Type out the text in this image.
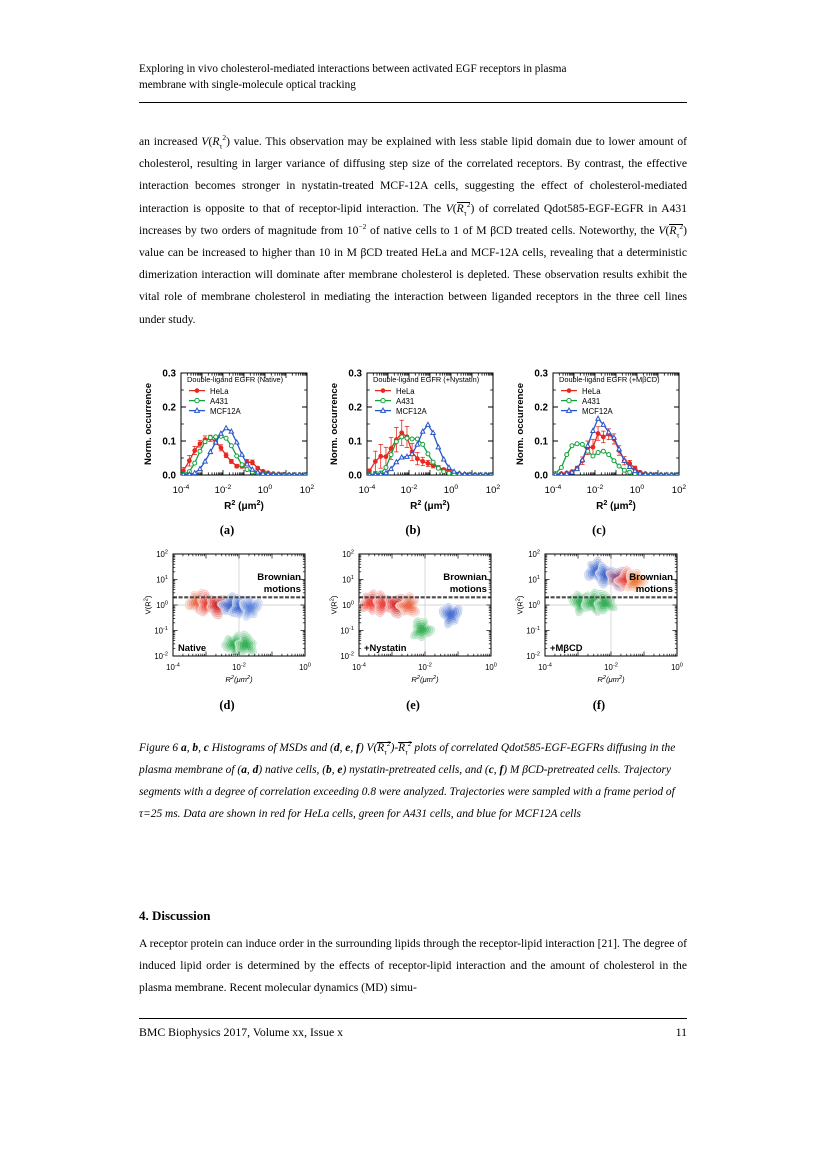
Exploring in vivo cholesterol-mediated interactions between activated EGF receptors in plasma
membrane with single-molecule optical tracking
an increased $V(R_\tau^2)$ value. This observation may be explained with less stable lipid domain due to lower amount of cholesterol, resulting in larger variance of diffusing step size of the correlated receptors. By contrast, the effective interaction becomes stronger in nystatin-treated MCF-12A cells, suggesting the effect of cholesterol-mediated interaction is opposite to that of receptor-lipid interaction. The $V(R_\tau^2)$ of correlated Qdot585-EGF-EGFR in A431 increases by two orders of magnitude from $10^{-2}$ of native cells to 1 of M βCD treated cells. Noteworthy, the $V(R_\tau^2)$ value can be increased to higher than 10 in M βCD treated HeLa and MCF-12A cells, revealing that a deterministic dimerization interaction will dominate after membrane cholesterol is depleted. These observation results exhibit the vital role of membrane cholesterol in mediating the interaction between liganded receptors in the three cell lines under study.
$10^{-4}$	$10^{-2}$	$10^0$	$10^2$
0.0
0.1
0.2
0.3
Norm. occurrence
$R^2$ $(\mu m^2)$
Double-ligand EGFR (Native)
HeLa
A431
MCF12A
(a)
$10^{-4}$	$10^{-2}$	$10^0$	$10^2$
0.0
0.1
0.2
0.3
Norm. occurrence
$R^2$ $(\mu m^2)$
Double-ligand EGFR (+Nystatin)
HeLa
A431
MCF12A
(b)
$10^{-4}$	$10^{-2}$	$10^0$	$10^2$
0.0
0.1
0.2
0.3
Norm. occurrence
$R^2$ $(\mu m^2)$
Double-ligand EGFR (+MβCD)
HeLa
A431
MCF12A
(c)
$10^{-4}$	$10^{-2}$	$10^0$
$10^{-2}$
$10^{-1}$
$10^0$
$10^1$
$10^2$
$R^2(\mu m^2)$
$V(R^2)$
Brownian
motions
Native
(d)
$10^{-4}$	$10^{-2}$	$10^0$
$10^{-2}$
$10^{-1}$
$10^0$
$10^1$
$10^2$
$R^2(\mu m^2)$
$V(R^2)$
Brownian
motions
+Nystatin
(e)
$10^{-4}$	$10^{-2}$	$10^0$
$10^{-2}$
$10^{-1}$
$10^0$
$10^1$
$10^2$
$R^2(\mu m^2)$
$V(R^2)$
Brownian
motions
+MβCD
(f)
Figure 6 a, b, c Histograms of MSDs and (d, e, f) $V(R_\tau^2)-R_\tau^2$ plots of correlated Qdot585-EGF-EGFRs diffusing in the plasma membrane of (a, d) native cells, (b, e) nystatin-pretreated cells, and (c, f) M βCD-pretreated cells. Trajectory segments with a degree of correlation exceeding 0.8 were analyzed. Trajectories were sampled with a frame period of τ=25 ms. Data are shown in red for HeLa cells, green for A431 cells, and blue for MCF12A cells
4. Discussion
A receptor protein can induce order in the surrounding lipids through the receptor-lipid interaction [21]. The degree of induced lipid order is determined by the effects of receptor-lipid interaction and the amount of cholesterol in the plasma membrane. Recent molecular dynamics (MD) simu-
BMC Biophysics 2017, Volume xx, Issue x	11
